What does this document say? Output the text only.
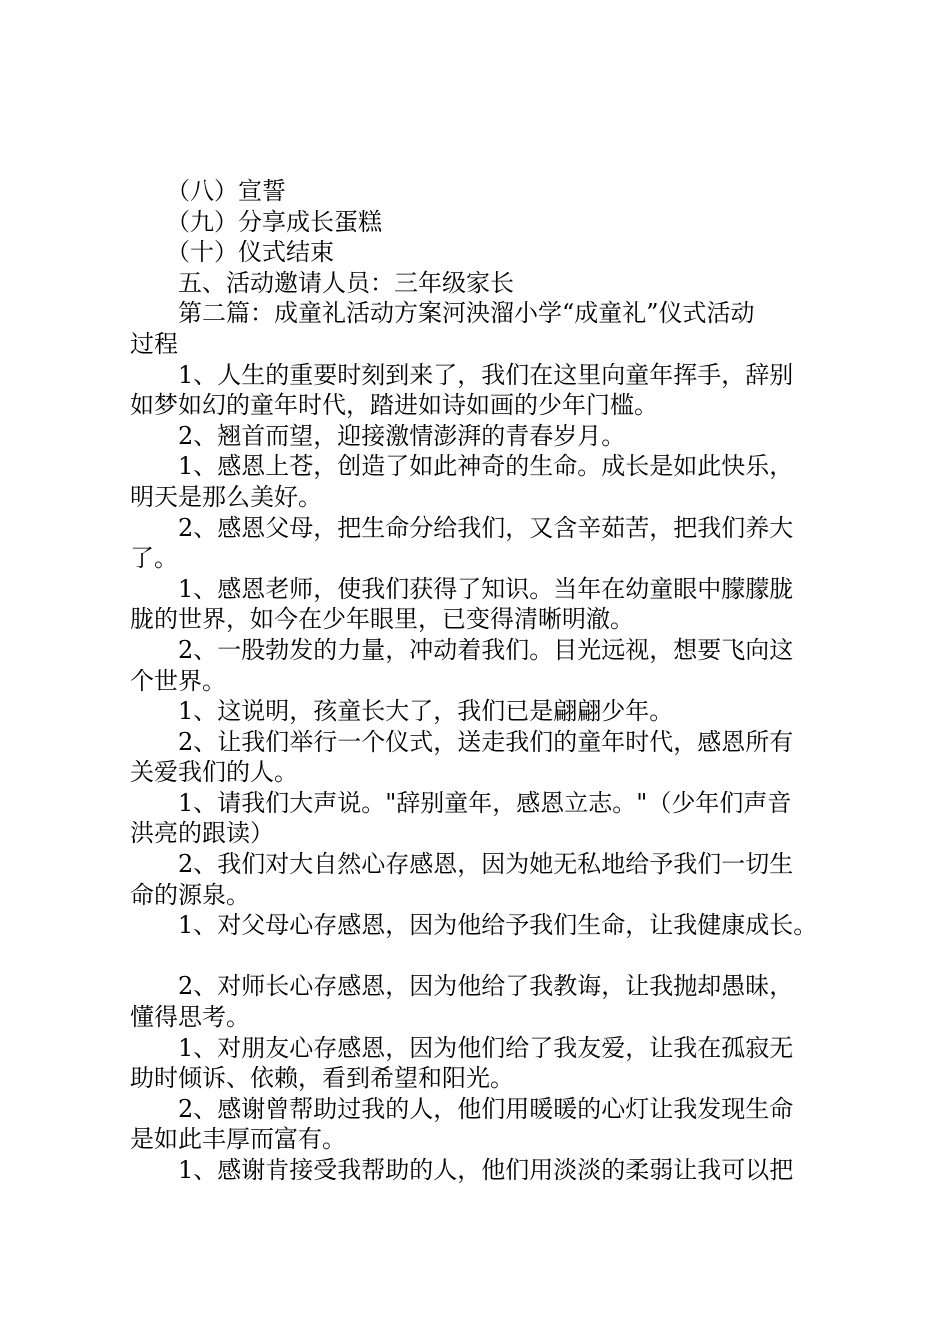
　　（八）宣誓
　　（九）分享成长蛋糕
　　（十）仪式结束
　　五、活动邀请人员：三年级家长
　　第二篇：成童礼活动方案河泱溜小学“成童礼”仪式活动
过程
　　1、人生的重要时刻到来了，我们在这里向童年挥手，辞别
如梦如幻的童年时代，踏进如诗如画的少年门槛。
　　2、翘首而望，迎接激情澎湃的青春岁月。
　　1、感恩上苍，创造了如此神奇的生命。成长是如此快乐，
明天是那么美好。
　　2、感恩父母，把生命分给我们，又含辛茹苦，把我们养大
了。
　　1、感恩老师，使我们获得了知识。当年在幼童眼中朦朦胧
胧的世界，如今在少年眼里，已变得清晰明澈。
　　2、一股勃发的力量，冲动着我们。目光远视，想要飞向这
个世界。
　　1、这说明，孩童长大了，我们已是翩翩少年。
　　2、让我们举行一个仪式，送走我们的童年时代，感恩所有
关爱我们的人。
　　1、请我们大声说。"辞别童年，感恩立志。"（少年们声音
洪亮的跟读）
　　2、我们对大自然心存感恩，因为她无私地给予我们一切生
命的源泉。
　　1、对父母心存感恩，因为他给予我们生命，让我健康成长。
　　2、对师长心存感恩，因为他给了我教诲，让我抛却愚昧，
懂得思考。
　　1、对朋友心存感恩，因为他们给了我友爱，让我在孤寂无
助时倾诉、依赖，看到希望和阳光。
　　2、感谢曾帮助过我的人，他们用暖暖的心灯让我发现生命
是如此丰厚而富有。
　　1、感谢肯接受我帮助的人，他们用淡淡的柔弱让我可以把
